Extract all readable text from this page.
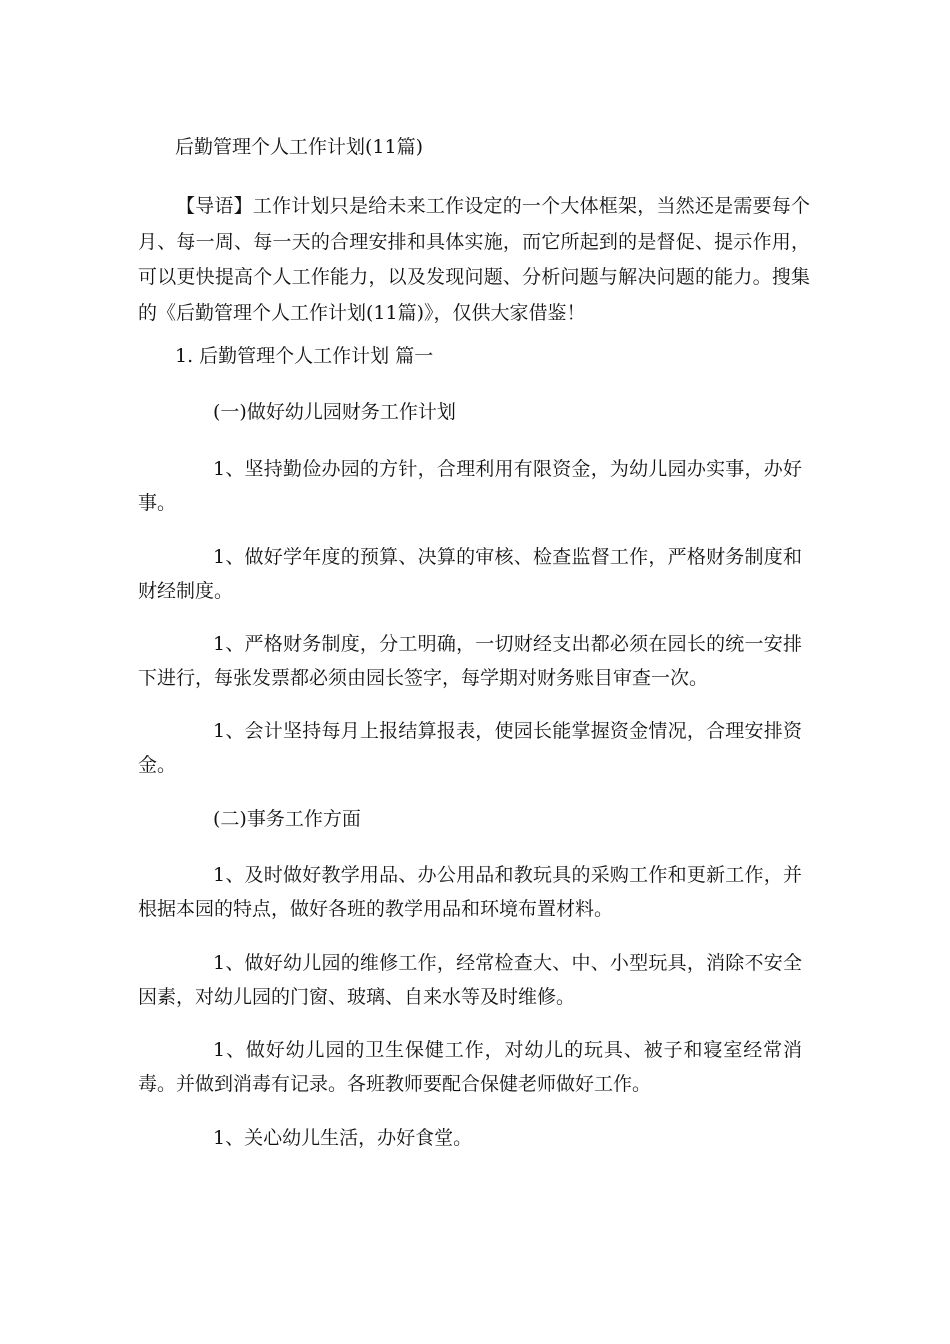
后勤管理个人工作计划(11篇)

【导语】工作计划只是给未来工作设定的一个大体框架，当然还是需要每个月、每一周、每一天的合理安排和具体实施，而它所起到的是督促、提示作用，可以更快提高个人工作能力，以及发现问题、分析问题与解决问题的能力。搜集的《后勤管理个人工作计划(11篇)》，仅供大家借鉴！

1. 后勤管理个人工作计划 篇一
(一)做好幼儿园财务工作计划

1、坚持勤俭办园的方针，合理利用有限资金，为幼儿园办实事，办好事。

1、做好学年度的预算、决算的审核、检查监督工作，严格财务制度和财经制度。

1、严格财务制度，分工明确，一切财经支出都必须在园长的统一安排下进行，每张发票都必须由园长签字，每学期对财务账目审查一次。

1、会计坚持每月上报结算报表，使园长能掌握资金情况，合理安排资金。

(二)事务工作方面

1、及时做好教学用品、办公用品和教玩具的采购工作和更新工作，并根据本园的特点，做好各班的教学用品和环境布置材料。

1、做好幼儿园的维修工作，经常检查大、中、小型玩具，消除不安全因素，对幼儿园的门窗、玻璃、自来水等及时维修。

1、做好幼儿园的卫生保健工作，对幼儿的玩具、被子和寝室经常消毒。并做到消毒有记录。各班教师要配合保健老师做好工作。

1、关心幼儿生活，办好食堂。
